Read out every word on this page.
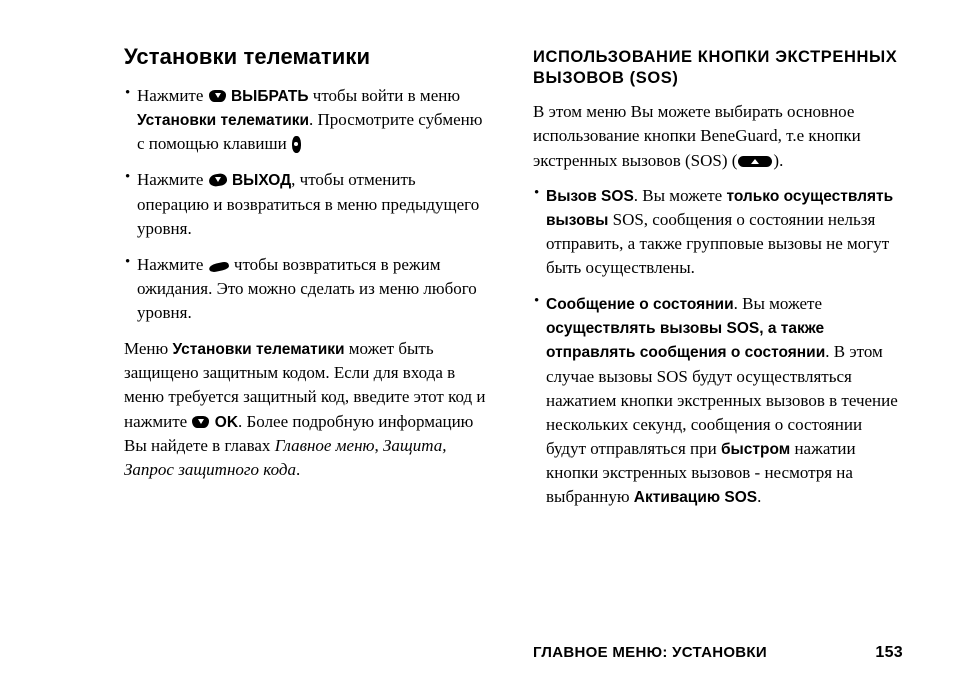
Установки телематики
• Нажмите  ВЫБРАТЬ чтобы войти в меню Установки телематики. Просмотрите субменю с помощью клавиши
• Нажмите  ВЫХОД, чтобы отменить операцию и возвратиться в меню предыдущего уровня.
• Нажмите  чтобы возвратиться в режим ожидания. Это можно сделать из меню любого уровня.

Меню Установки телематики может быть защищено защитным кодом. Если для входа в меню требуется защитный код, введите этот код и нажмите  OK. Более подробную информацию Вы найдете в главах Главное меню, Защита, Запрос защитного кода.

ИСПОЛЬЗОВАНИЕ КНОПКИ ЭКСТРЕННЫХ ВЫЗОВОВ (SOS)

В этом меню Вы можете выбирать основное использование кнопки BeneGuard, т.е кнопки экстренных вызовов (SOS) ( ).

• Вызов SOS. Вы можете только осуществлять вызовы SOS, сообщения о состоянии нельзя отправить, а также групповые вызовы не могут быть осуществлены.
• Сообщение о состоянии. Вы можете осуществлять вызовы SOS, а также отправлять сообщения о состоянии. В этом случае вызовы SOS будут осуществляться нажатием кнопки экстренных вызовов в течение нескольких секунд, сообщения о состоянии будут отправляться при быстром нажатии кнопки экстренных вызовов - несмотря на выбранную Активацию SOS.
ГЛАВНОЕ МЕНЮ: УСТАНОВКИ	153
